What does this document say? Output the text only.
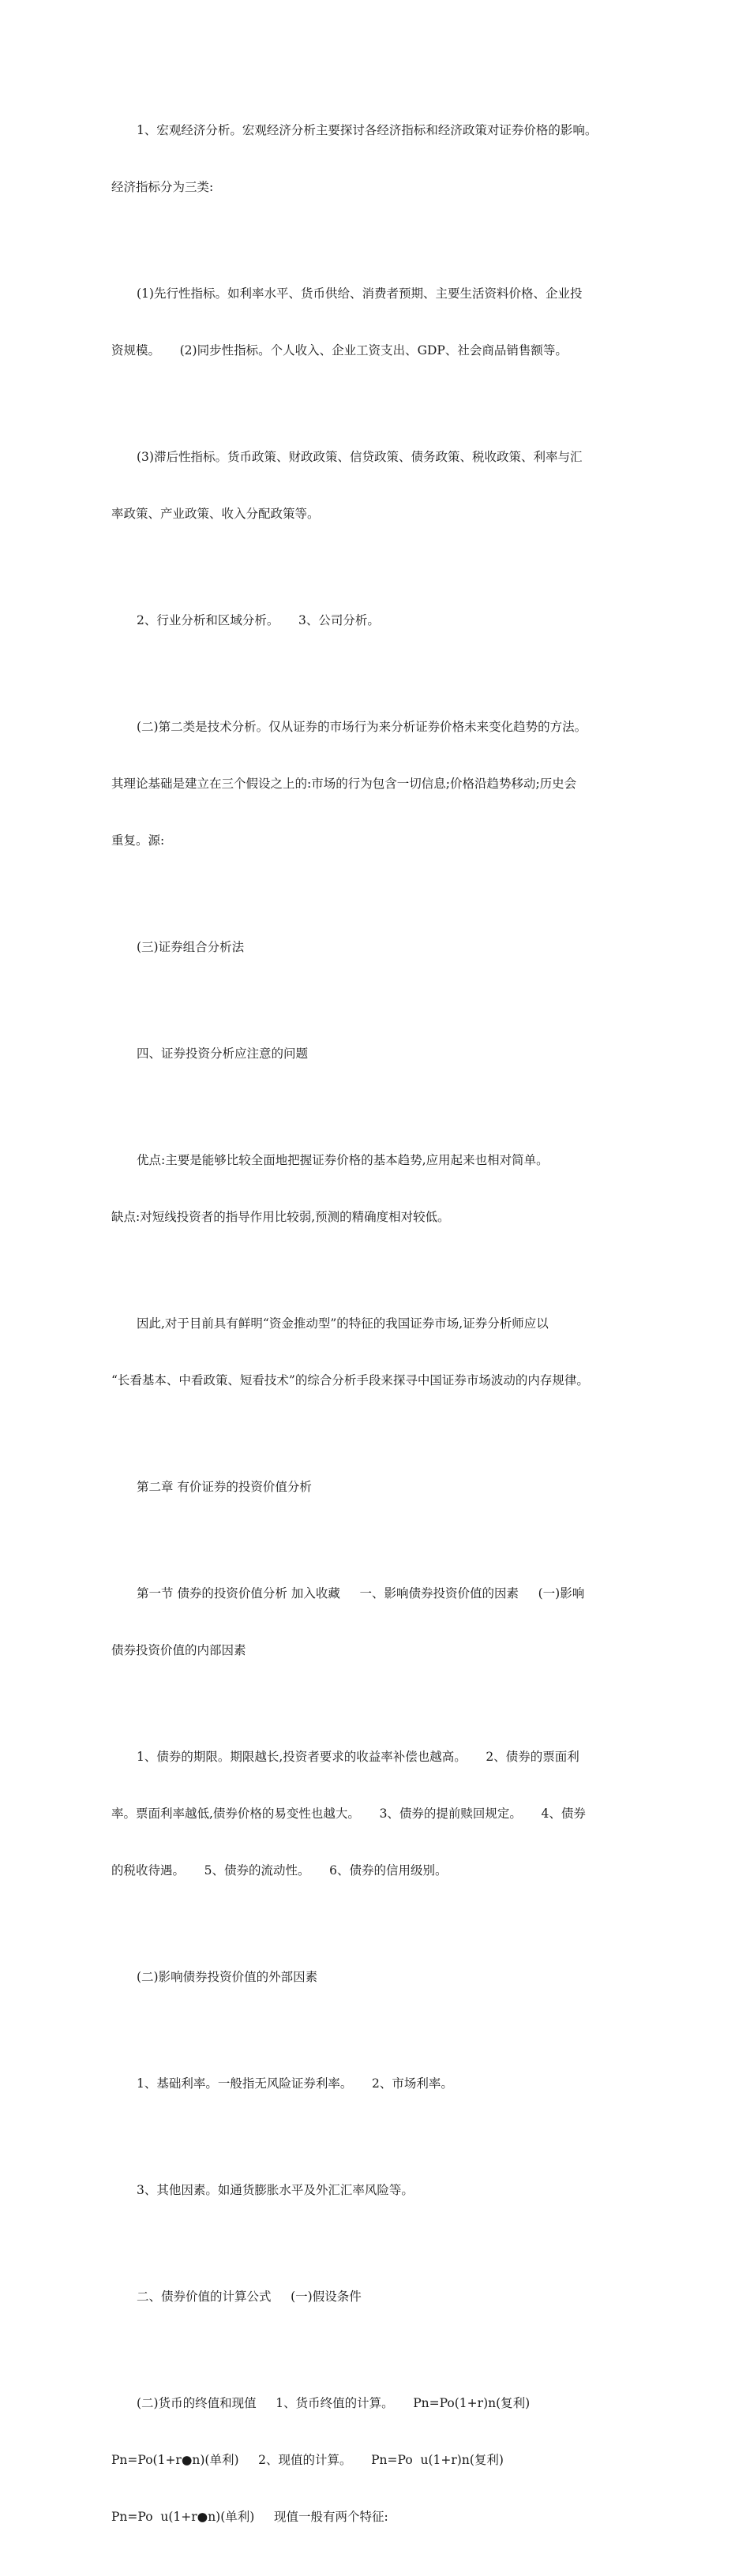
1、宏观经济分析。宏观经济分析主要探讨各经济指标和经济政策对证券价格的影响。

经济指标分为三类:

(1)先行性指标。如利率水平、货币供给、消费者预期、主要生活资料价格、企业投

资规模。     (2)同步性指标。个人收入、企业工资支出、GDP、社会商品销售额等。

(3)滞后性指标。货币政策、财政政策、信贷政策、债务政策、税收政策、利率与汇

率政策、产业政策、收入分配政策等。

2、行业分析和区域分析。     3、公司分析。

(二)第二类是技术分析。仅从证券的市场行为来分析证券价格未来变化趋势的方法。

其理论基础是建立在三个假设之上的:市场的行为包含一切信息;价格沿趋势移动;历史会

重复。源:

(三)证券组合分析法

四、证券投资分析应注意的问题

优点:主要是能够比较全面地把握证券价格的基本趋势,应用起来也相对简单。

缺点:对短线投资者的指导作用比较弱,预测的精确度相对较低。

因此,对于目前具有鲜明“资金推动型”的特征的我国证券市场,证券分析师应以

“长看基本、中看政策、短看技术”的综合分析手段来探寻中国证券市场波动的内存规律。

第二章 有价证券的投资价值分析

第一节 债券的投资价值分析 加入收藏     一、影响债券投资价值的因素     (一)影响

债券投资价值的内部因素

1、债券的期限。期限越长,投资者要求的收益率补偿也越高。     2、债券的票面利

率。票面利率越低,债券价格的易变性也越大。     3、债券的提前赎回规定。     4、债券

的税收待遇。     5、债券的流动性。     6、债券的信用级别。

(二)影响债券投资价值的外部因素

1、基础利率。一般指无风险证券利率。     2、市场利率。

3、其他因素。如通货膨胀水平及外汇汇率风险等。

二、债券价值的计算公式     (一)假设条件

(二)货币的终值和现值     1、货币终值的计算。     Pn=Po(1+r)n(复利)

Pn=Po(1+r●n)(单利)     2、现值的计算。     Pn=Po  u(1+r)n(复利)

Pn=Po  u(1+r●n)(单利)     现值一般有两个特征:
